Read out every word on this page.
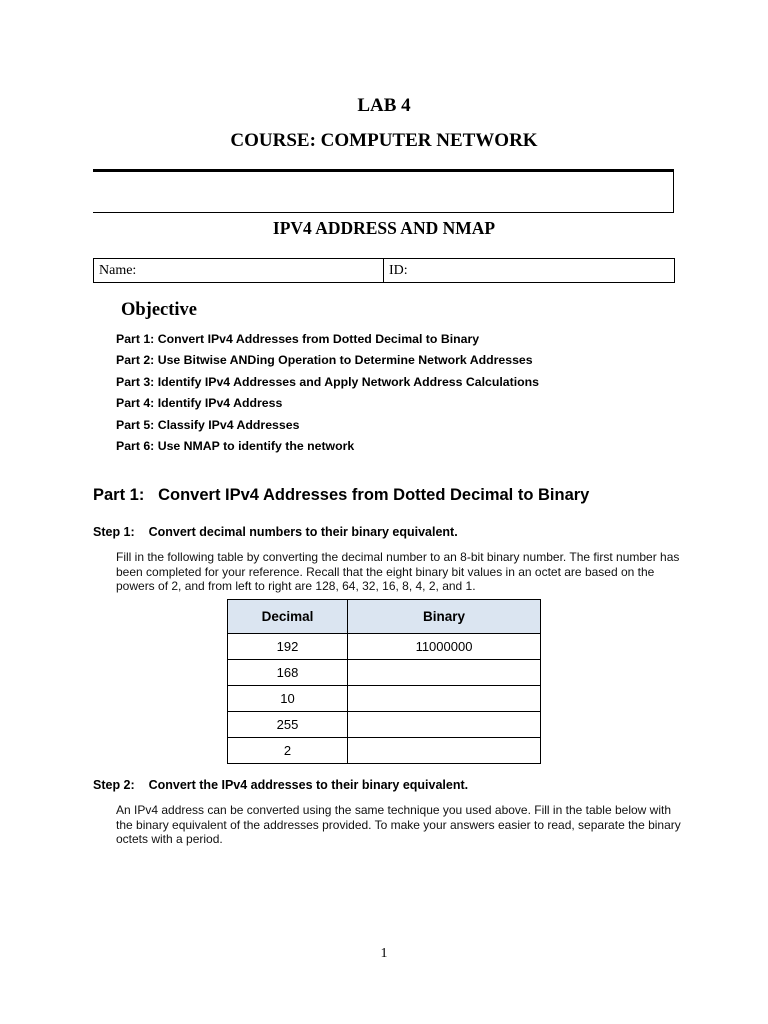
LAB 4
COURSE: COMPUTER NETWORK
IPV4 ADDRESS AND NMAP
Name:	ID:
Objective
Part 1: Convert IPv4 Addresses from Dotted Decimal to Binary
Part 2: Use Bitwise ANDing Operation to Determine Network Addresses
Part 3: Identify IPv4 Addresses and Apply Network Address Calculations
Part 4: Identify IPv4 Address
Part 5: Classify IPv4 Addresses
Part 6: Use NMAP to identify the network
Part 1:   Convert IPv4 Addresses from Dotted Decimal to Binary
Step 1:    Convert decimal numbers to their binary equivalent.
Fill in the following table by converting the decimal number to an 8-bit binary number. The first number has been completed for your reference. Recall that the eight binary bit values in an octet are based on the powers of 2, and from left to right are 128, 64, 32, 16, 8, 4, 2, and 1.
Decimal	Binary
192	11000000
168	
10	
255	
2	
Step 2:    Convert the IPv4 addresses to their binary equivalent.
An IPv4 address can be converted using the same technique you used above. Fill in the table below with the binary equivalent of the addresses provided. To make your answers easier to read, separate the binary octets with a period.
1
